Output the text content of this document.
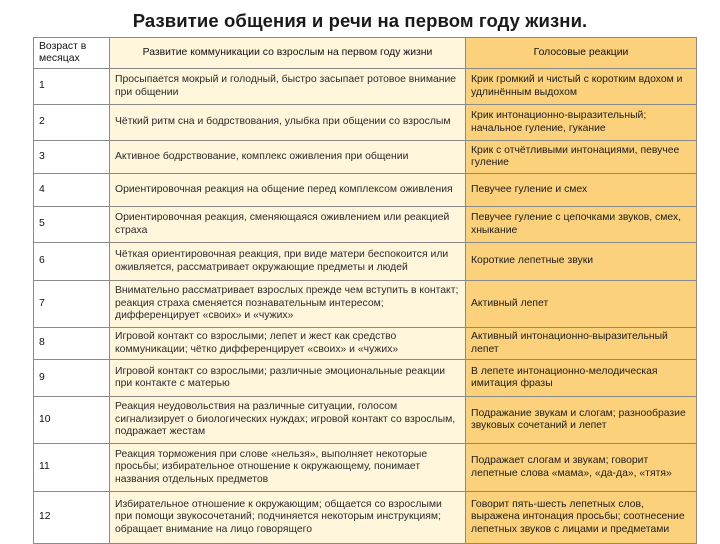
Развитие общения и речи на первом году жизни.
Возраст в месяцах	Развитие коммуникации со взрослым на первом году жизни	Голосовые реакции
1	Просыпается мокрый и голодный, быстро засыпает ротовое внимание при общении	Крик громкий и чистый с коротким вдохом и удлинённым выдохом
2	Чёткий ритм сна и бодрствования, улыбка при общении со взрослым	Крик интонационно-выразительный; начальное гуление, гукание
3	Активное бодрствование, комплекс оживления при общении	Крик с отчётливыми интонациями, певучее гуление
4	Ориентировочная реакция на общение перед комплексом оживления	Певучее гуление и смех
5	Ориентировочная реакция, сменяющаяся оживлением или реакцией страха	Певучее гуление с цепочками звуков, смех, хныкание
6	Чёткая ориентировочная реакция, при виде матери беспокоится или оживляется, рассматривает окружающие предметы и людей	Короткие лепетные звуки
7	Внимательно рассматривает взрослых прежде чем вступить в контакт; реакция страха сменяется познавательным интересом; дифференцирует «своих» и «чужих»	Активный лепет
8	Игровой контакт со взрослыми; лепет и жест как средство коммуникации; чётко дифференцирует «своих» и «чужих»	Активный интонационно-выразительный лепет
9	Игровой контакт со взрослыми; различные эмоциональные реакции при контакте с матерью	В лепете интонационно-мелодическая имитация фразы
10	Реакция неудовольствия на различные ситуации, голосом сигнализирует о биологических нуждах; игровой контакт со взрослым, подражает жестам	Подражание звукам и слогам; разнообразие звуковых сочетаний и лепет
11	Реакция торможения при слове «нельзя», выполняет некоторые просьбы; избирательное отношение к окружающему, понимает названия отдельных предметов	Подражает слогам и звукам; говорит лепетные слова «мама», «да-да», «тятя»
12	Избирательное отношение к окружающим; общается со взрослыми при помощи звукосочетаний; подчиняется некоторым инструкциям; обращает внимание на лицо говорящего	Говорит пять-шесть лепетных слов, выражена интонация просьбы; соотнесение лепетных звуков с лицами и предметами
